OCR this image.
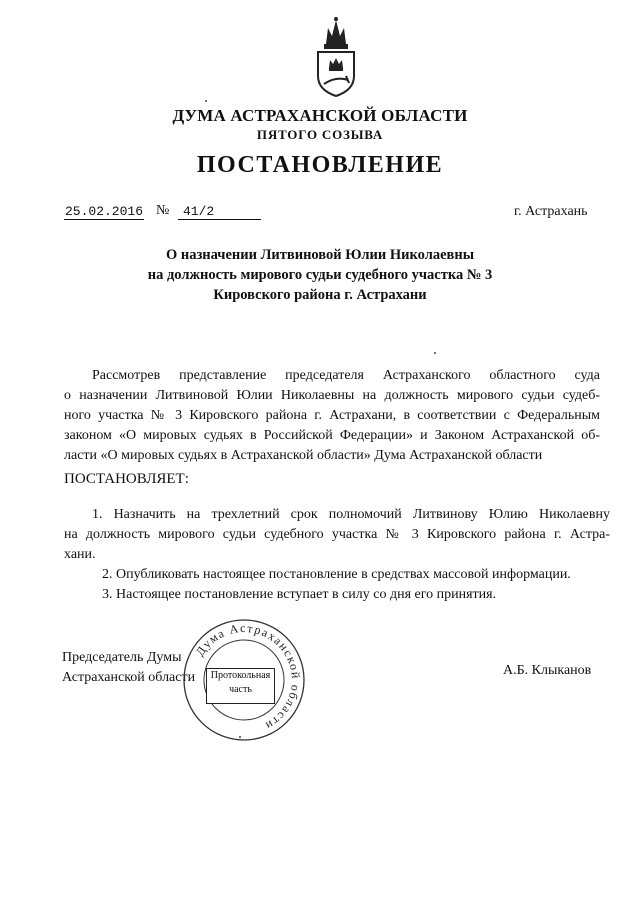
ДУМА АСТРАХАНСКОЙ ОБЛАСТИ
ПЯТОГО СОЗЫВА
ПОСТАНОВЛЕНИЕ
25.02.2016 № 41/2	г. Астрахань
О назначении Литвиновой Юлии Николаевны
на должность мирового судьи судебного участка № 3
Кировского района г. Астрахани
Рассмотрев представление председателя Астраханского областного суда
о назначении Литвиновой Юлии Николаевны на должность мирового судьи судеб-
ного участка № 3 Кировского района г. Астрахани, в соответствии с Федеральным
законом «О мировых судьях в Российской Федерации» и Законом Астраханской об-
ласти «О мировых судьях в Астраханской области» Дума Астраханской области
ПОСТАНОВЛЯЕТ:
1. Назначить на трехлетний срок полномочий Литвинову Юлию Николаевну
на должность мирового судьи судебного участка № 3 Кировского района г. Астра-
хани.
2. Опубликовать настоящее постановление в средствах массовой информации.
3. Настоящее постановление вступает в силу со дня его принятия.
Председатель Думы
Астраханской области	А.Б. Клыканов
Дума Астраханской области
Протокольная
часть
